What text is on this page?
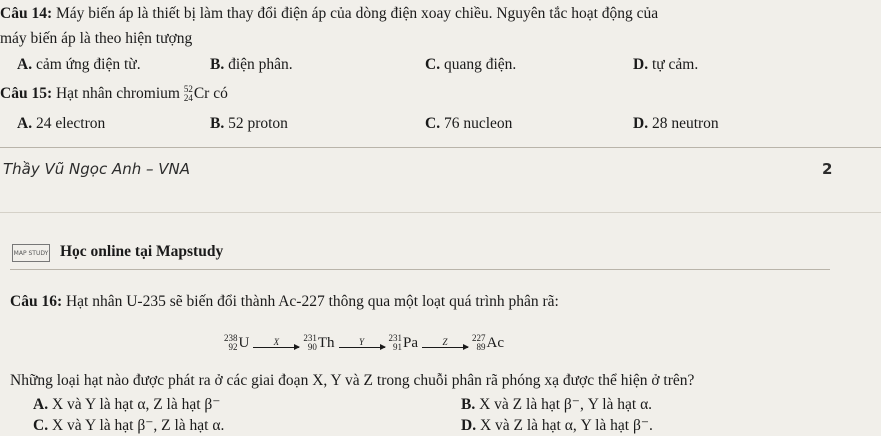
Câu 14: Máy biến áp là thiết bị làm thay đổi điện áp của dòng điện xoay chiều. Nguyên tắc hoạt động của
máy biến áp là theo hiện tượng
A. cảm ứng điện từ.	B. điện phân.	C. quang điện.	D. tự cảm.
Câu 15: Hạt nhân chromium 52
24 Cr có
A. 24 electron	B. 52 proton	C. 76 nucleon	D. 28 neutron
Thầy Vũ Ngọc Anh – VNA	2
MAP STUDY Học online tại Mapstudy
Câu 16: Hạt nhân U-235 sẽ biến đổi thành Ac-227 thông qua một loạt quá trình phân rã:
238
92 U	X	231
90 Th	Y	231
91 Pa	Z	227
89 Ac
Những loại hạt nào được phát ra ở các giai đoạn X, Y và Z trong chuỗi phân rã phóng xạ được thể hiện ở trên?
A. X và Y là hạt α, Z là hạt β⁻	B. X và Z là hạt β⁻, Y là hạt α.
C. X và Y là hạt β⁻, Z là hạt α.	D. X và Z là hạt α, Y là hạt β⁻.
